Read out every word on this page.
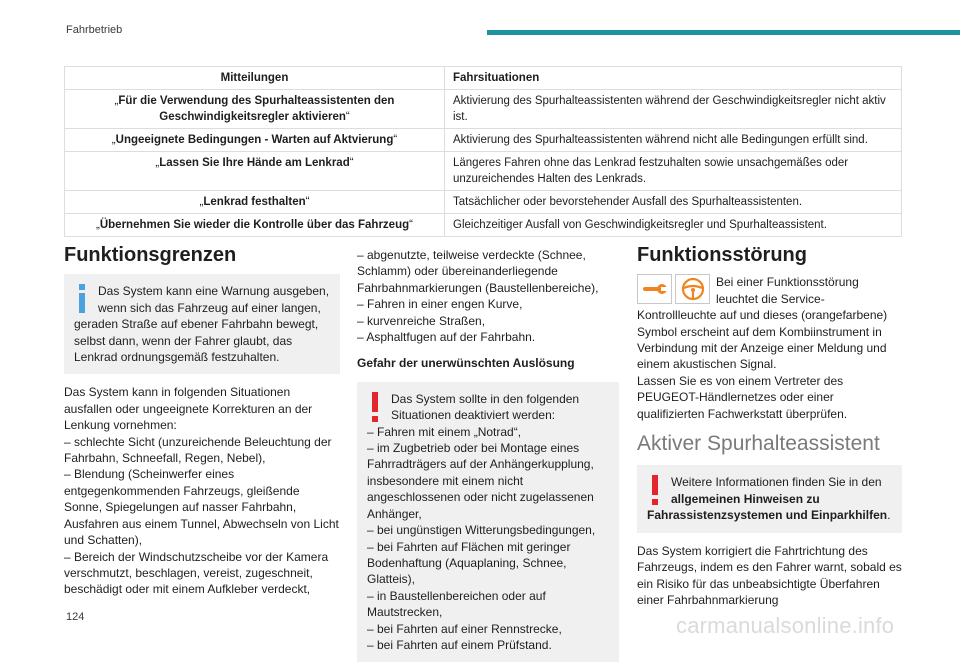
Fahrbetrieb
Mitteilungen	Fahrsituationen
„Für die Verwendung des Spurhalteassistenten den Geschwindigkeitsregler aktivieren“	Aktivierung des Spurhalteassistenten während der Geschwindigkeitsregler nicht aktiv ist.
„Ungeeignete Bedingungen - Warten auf Aktvierung“	Aktivierung des Spurhalteassistenten während nicht alle Bedingungen erfüllt sind.
„Lassen Sie Ihre Hände am Lenkrad“	Längeres Fahren ohne das Lenkrad festzuhalten sowie unsachgemäßes oder unzureichendes Halten des Lenkrads.
„Lenkrad festhalten“	Tatsächlicher oder bevorstehender Ausfall des Spurhalteassistenten.
„Übernehmen Sie wieder die Kontrolle über das Fahrzeug“	Gleichzeitiger Ausfall von Geschwindigkeitsregler und Spurhalteassistent.
Funktionsgrenzen

Das System kann eine Warnung ausgeben, wenn sich das Fahrzeug auf einer langen, geraden Straße auf ebener Fahrbahn bewegt, selbst dann, wenn der Fahrer glaubt, das Lenkrad ordnungsgemäß festzuhalten.

Das System kann in folgenden Situationen ausfallen oder ungeeignete Korrekturen an der Lenkung vornehmen:

– schlechte Sicht (unzureichende Beleuchtung der Fahrbahn, Schneefall, Regen, Nebel),

– Blendung (Scheinwerfer eines entgegenkommenden Fahrzeugs, gleißende Sonne, Spiegelungen auf nasser Fahrbahn, Ausfahren aus einem Tunnel, Abwechseln von Licht und Schatten),

– Bereich der Windschutzscheibe vor der Kamera verschmutzt, beschlagen, vereist, zugeschneit, beschädigt oder mit einem Aufkleber verdeckt,

– abgenutzte, teilweise verdeckte (Schnee, Schlamm) oder übereinanderliegende Fahrbahnmarkierungen (Baustellenbereiche),

– Fahren in einer engen Kurve,

– kurvenreiche Straßen,

– Asphaltfugen auf der Fahrbahn.

Gefahr der unerwünschten Auslösung

Das System sollte in den folgenden Situationen deaktiviert werden:

– Fahren mit einem „Notrad“,

– im Zugbetrieb oder bei Montage eines Fahrradträgers auf der Anhängerkupplung, insbesondere mit einem nicht angeschlossenen oder nicht zugelassenen Anhänger,

– bei ungünstigen Witterungsbedingungen,

– bei Fahrten auf Flächen mit geringer Bodenhaftung (Aquaplaning, Schnee, Glatteis),

– in Baustellenbereichen oder auf Mautstrecken,

– bei Fahrten auf einer Rennstrecke,

– bei Fahrten auf einem Prüfstand.

Funktionsstörung

Bei einer Funktionsstörung leuchtet die Service-Kontrollleuchte auf und dieses (orangefarbene) Symbol erscheint auf dem Kombiinstrument in Verbindung mit der Anzeige einer Meldung und einem akustischen Signal.

Lassen Sie es von einem Vertreter des PEUGEOT-Händlernetzes oder einer qualifizierten Fachwerkstatt überprüfen.

Aktiver Spurhalteassistent

Weitere Informationen finden Sie in den allgemeinen Hinweisen zu Fahrassistenzsystemen und Einparkhilfen.

Das System korrigiert die Fahrtrichtung des Fahrzeugs, indem es den Fahrer warnt, sobald es ein Risiko für das unbeabsichtigte Überfahren einer Fahrbahnmarkierung

124	carmanualsonline.info
